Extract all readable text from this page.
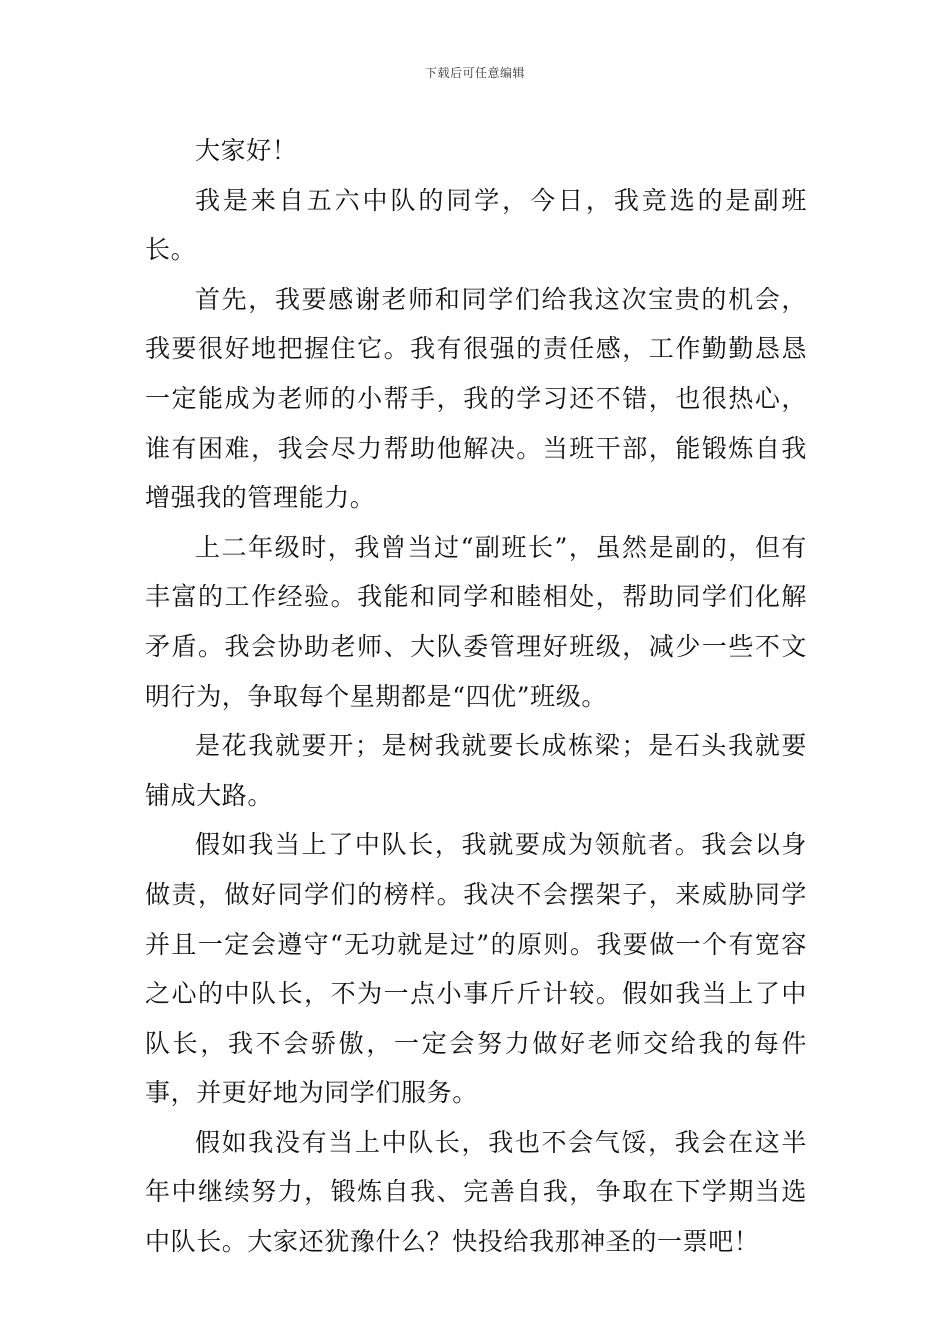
下载后可任意编辑

大家好！

我是来自五六中队的同学，今日，我竞选的是副班长。

首先，我要感谢老师和同学们给我这次宝贵的机会，我要很好地把握住它。我有很强的责任感，工作勤勤恳恳一定能成为老师的小帮手，我的学习还不错，也很热心，谁有困难，我会尽力帮助他解决。当班干部，能锻炼自我增强我的管理能力。

上二年级时，我曾当过“副班长”，虽然是副的，但有丰富的工作经验。我能和同学和睦相处，帮助同学们化解矛盾。我会协助老师、大队委管理好班级，减少一些不文明行为，争取每个星期都是“四优”班级。

是花我就要开；是树我就要长成栋梁；是石头我就要铺成大路。

假如我当上了中队长，我就要成为领航者。我会以身做责，做好同学们的榜样。我决不会摆架子，来威胁同学并且一定会遵守“无功就是过”的原则。我要做一个有宽容之心的中队长，不为一点小事斤斤计较。假如我当上了中队长，我不会骄傲，一定会努力做好老师交给我的每件事，并更好地为同学们服务。

假如我没有当上中队长，我也不会气馁，我会在这半年中继续努力，锻炼自我、完善自我，争取在下学期当选中队长。大家还犹豫什么？快投给我那神圣的一票吧！
